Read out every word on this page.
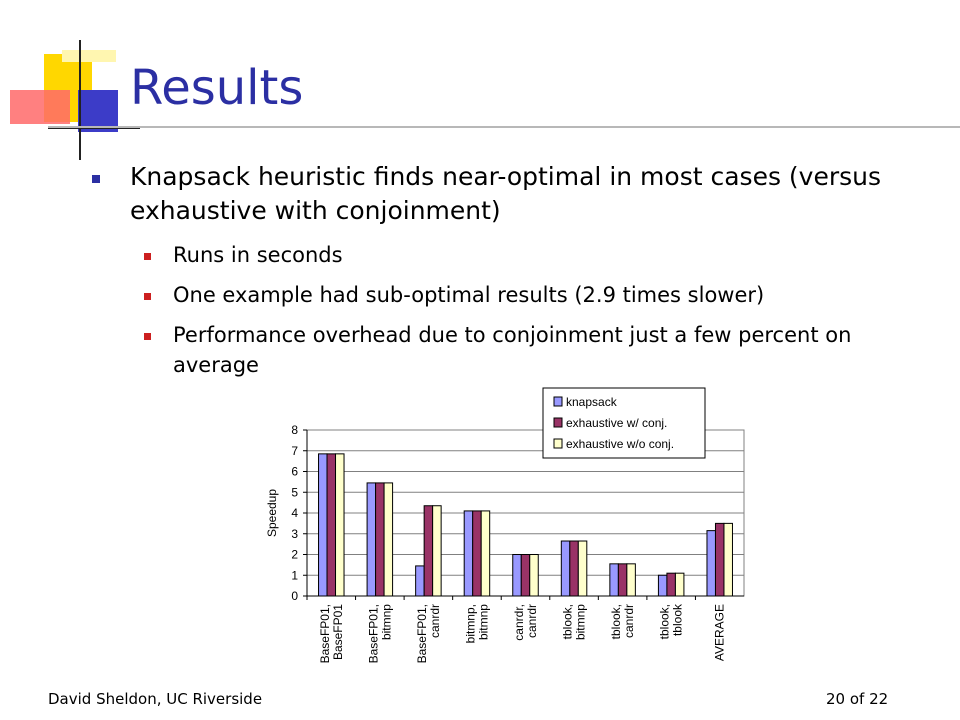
Results
Knapsack heuristic finds near-optimal in most cases (versus exhaustive with conjoinment)
Runs in seconds
One example had sub-optimal results (2.9 times slower)
Performance overhead due to conjoinment just a few percent on average
0
1
2
3
4
5
6
7
8
Speedup
BaseFP01, BaseFP01 BaseFP01, bitmnp BaseFP01, canrdr bitmnp, bitmnp canrdr, canrdr tblook, bitmnp tblook, canrdr tblook, tblook AVERAGE
knapsack
exhaustive w/ conj.
exhaustive w/o conj.
David Sheldon, UC Riverside	20 of 22
